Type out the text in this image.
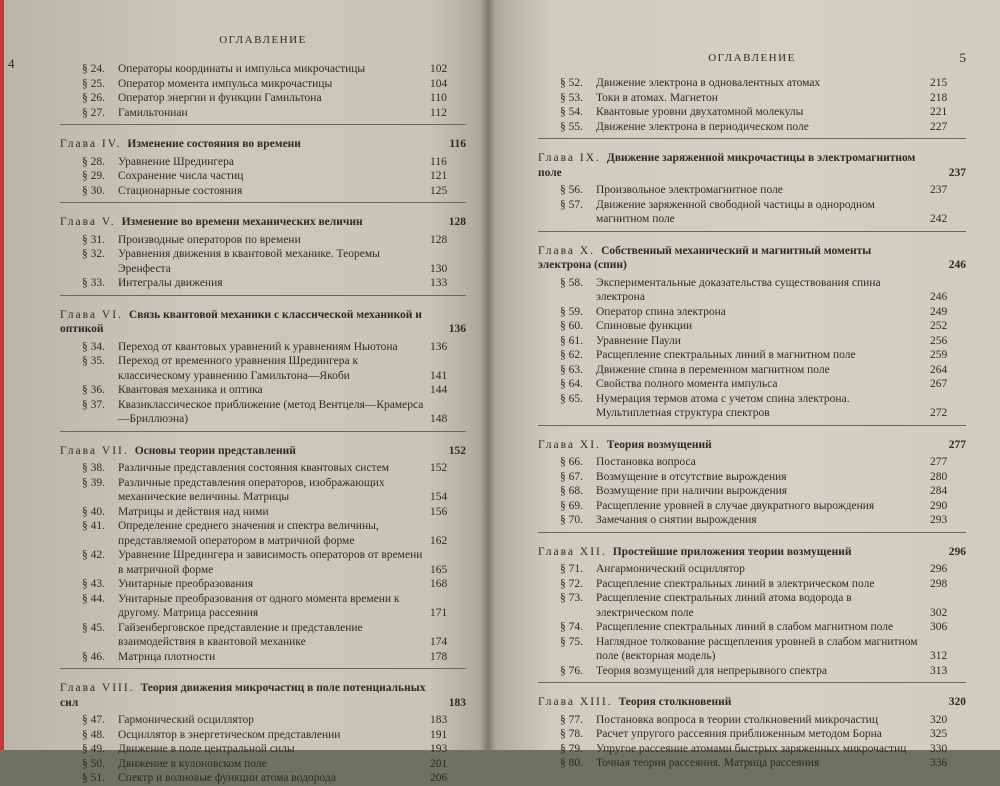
ОГЛАВЛЕНИЕ
4	§ 24. Операторы координаты и импульса микрочастицы	102
§ 25. Оператор момента импульса микрочастицы	104
§ 26. Оператор энергии и функции Гамильтона	110
§ 27. Гамильтониан	112
Глава IV. Изменение состояния во времени	116
§ 28. Уравнение Шредингера	116
§ 29. Сохранение числа частиц	121
§ 30. Стационарные состояния	125
Глава V. Изменение во времени механических величин	128
§ 31. Производные операторов по времени	128
§ 32. Уравнения движения в квантовой механике. Теоремы Эренфеста	130
§ 33. Интегралы движения	133
Глава VI. Связь квантовой механики с классической механикой и оптикой	136
§ 34. Переход от квантовых уравнений к уравнениям Ньютона	136
§ 35. Переход от временного уравнения Шредингера к классическому уравнению Гамильтона—Якоби	141
§ 36. Квантовая механика и оптика	144
§ 37. Квазиклассическое приближение (метод Вентцеля—Крамерса—Бриллюэна)	148
Глава VII. Основы теории представлений	152
§ 38. Различные представления состояния квантовых систем	152
§ 39. Различные представления операторов, изображающих механические величины. Матрицы	154
§ 40. Матрицы и действия над ними	156
§ 41. Определение среднего значения и спектра величины, представляемой оператором в матричной форме	162
§ 42. Уравнение Шредингера и зависимость операторов от времени в матричной форме	165
§ 43. Унитарные преобразования	168
§ 44. Унитарные преобразования от одного момента времени к другому. Матрица рассеяния	171
§ 45. Гайзенберговское представление и представление взаимодействия в квантовой механике	174
§ 46. Матрица плотности	178
Глава VIII. Теория движения микрочастиц в поле потенциальных сил	183
§ 47. Гармонический осциллятор	183
§ 48. Осциллятор в энергетическом представлении	191
§ 49. Движение в поле центральной силы	193
§ 50. Движение в кулоновском поле	201
§ 51. Спектр и волновые функции атома водорода	206
ОГЛАВЛЕНИЕ	5
§ 52. Движение электрона в одновалентных атомах	215
§ 53. Токи в атомах. Магнетон	218
§ 54. Квантовые уровни двухатомной молекулы	221
§ 55. Движение электрона в периодическом поле	227
Глава IX. Движение заряженной микрочастицы в электромагнитном поле	237
§ 56. Произвольное электромагнитное поле	237
§ 57. Движение заряженной свободной частицы в однородном магнитном поле	242
Глава X. Собственный механический и магнитный моменты электрона (спин)	246
§ 58. Экспериментальные доказательства существования спина электрона	246
§ 59. Оператор спина электрона	249
§ 60. Спиновые функции	252
§ 61. Уравнение Паули	256
§ 62. Расщепление спектральных линий в магнитном поле	259
§ 63. Движение спина в переменном магнитном поле	264
§ 64. Свойства полного момента импульса	267
§ 65. Нумерация термов атома с учетом спина электрона. Мультиплетная структура спектров	272
Глава XI. Теория возмущений	277
§ 66. Постановка вопроса	277
§ 67. Возмущение в отсутствие вырождения	280
§ 68. Возмущение при наличии вырождения	284
§ 69. Расщепление уровней в случае двукратного вырождения	290
§ 70. Замечания о снятии вырождения	293
Глава XII. Простейшие приложения теории возмущений	296
§ 71. Ангармонический осциллятор	296
§ 72. Расщепление спектральных линий в электрическом поле	298
§ 73. Расщепление спектральных линий атома водорода в электрическом поле	302
§ 74. Расщепление спектральных линий в слабом магнитном поле	306
§ 75. Наглядное толкование расщепления уровней в слабом магнитном поле (векторная модель)	312
§ 76. Теория возмущений для непрерывного спектра	313
Глава XIII. Теория столкновений	320
§ 77. Постановка вопроса в теории столкновений микрочастиц	320
§ 78. Расчет упругого рассеяния приближенным методом Борна	325
§ 79. Упругое рассеяние атомами быстрых заряженных микрочастиц 330
§ 80. Точная теория рассеяния. Матрица рассеяния	336
